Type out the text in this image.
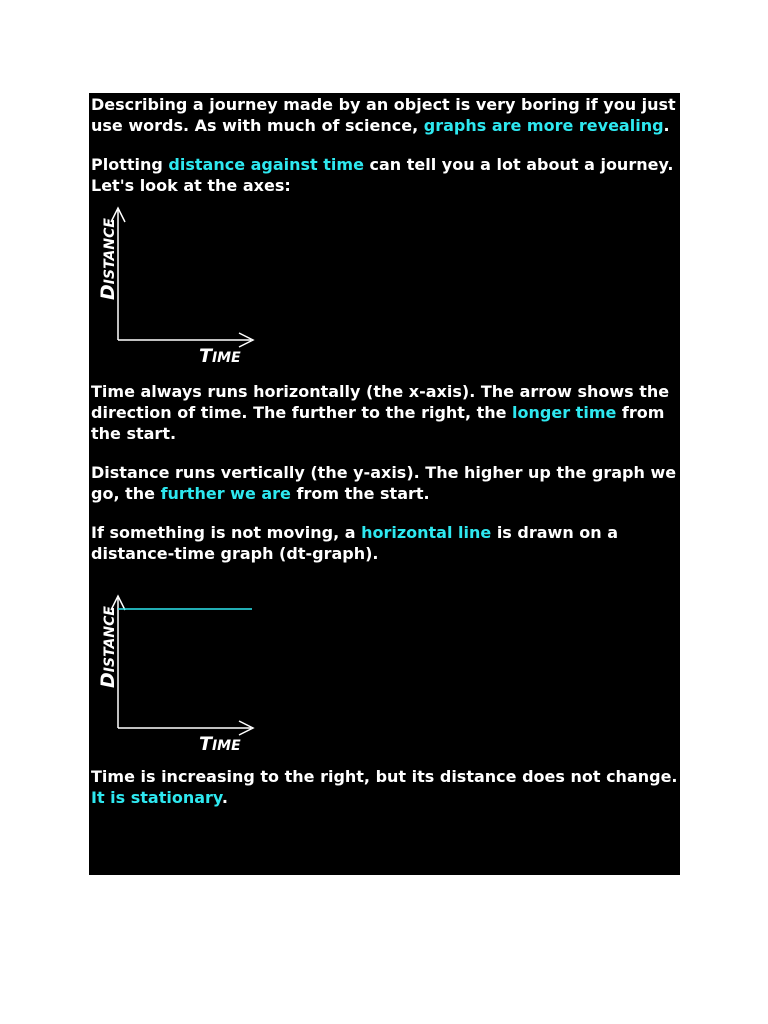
Describing a journey made by an object is very boring if you just use words. As with much of science, graphs are more revealing.

Plotting distance against time can tell you a lot about a journey. Let's look at the axes:

DISTANCE
TIME

Time always runs horizontally (the x-axis). The arrow shows the direction of time. The further to the right, the longer time from the start.

Distance runs vertically (the y-axis). The higher up the graph we go, the further we are from the start.

If something is not moving, a horizontal line is drawn on a distance-time graph (dt-graph).

DISTANCE
TIME

Time is increasing to the right, but its distance does not change. It is stationary.
